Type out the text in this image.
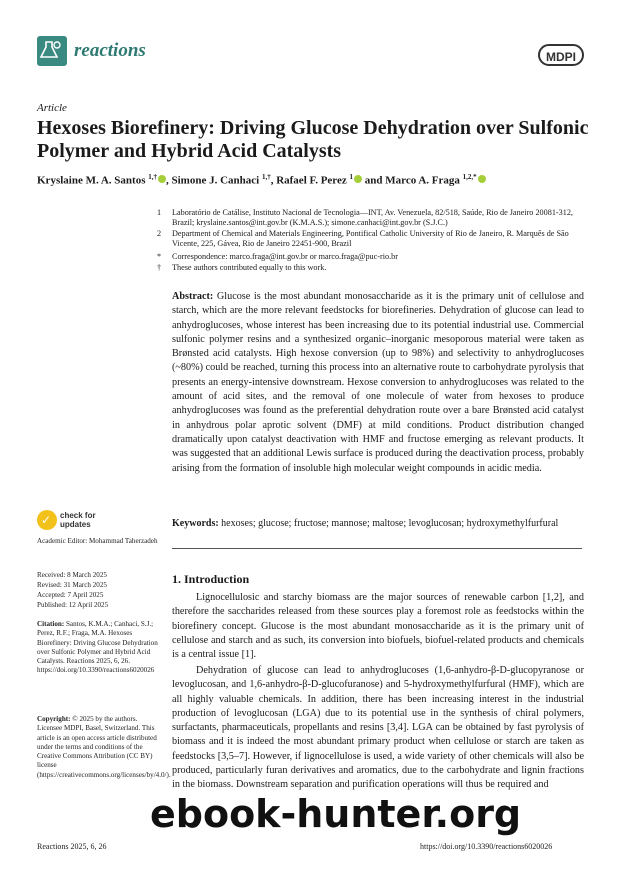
reactions	MDPI
Article
Hexoses Biorefinery: Driving Glucose Dehydration over Sulfonic Polymer and Hybrid Acid Catalysts
Kryslaine M. A. Santos $^{1,\dagger}$ , Simone J. Canhaci $^{1,\dagger}$, Rafael F. Perez $^1$ and Marco A. Fraga $^{1,2,*}$
1 Laboratório de Catálise, Instituto Nacional de Tecnologia—INT, Av. Venezuela, 82/518, Saúde, Rio de Janeiro 20081-312, Brazil; kryslaine.santos@int.gov.br (K.M.A.S.); simone.canhaci@int.gov.br (S.J.C.)
2 Department of Chemical and Materials Engineering, Pontifical Catholic University of Rio de Janeiro, R. Marquês de São Vicente, 225, Gávea, Rio de Janeiro 22451-900, Brazil
* Correspondence: marco.fraga@int.gov.br or marco.fraga@puc-rio.br
† These authors contributed equally to this work.
Abstract: Glucose is the most abundant monosaccharide as it is the primary unit of cellulose and starch, which are the more relevant feedstocks for biorefineries. Dehydration of glucose can lead to anhydroglucoses, whose interest has been increasing due to its potential industrial use. Commercial sulfonic polymer resins and a synthesized organic–inorganic mesoporous material were taken as Brønsted acid catalysts. High hexose conversion (up to 98%) and selectivity to anhydroglucoses (~80%) could be reached, turning this process into an alternative route to carbohydrate pyrolysis that presents an energy-intensive downstream. Hexose conversion to anhydroglucoses was related to the amount of acid sites, and the removal of one molecule of water from hexoses to produce anhydroglucoses was found as the preferential dehydration route over a bare Brønsted acid catalyst in anhydrous polar aprotic solvent (DMF) at mild conditions. Product distribution changed dramatically upon catalyst deactivation with HMF and fructose emerging as relevant products. It was suggested that an additional Lewis surface is produced during the deactivation process, probably arising from the formation of insoluble high molecular weight compounds in acidic media.
Keywords: hexoses; glucose; fructose; mannose; maltose; levoglucosan; hydroxymethylfurfural
1. Introduction
Lignocellulosic and starchy biomass are the major sources of renewable carbon [1,2], and therefore the saccharides released from these sources play a foremost role as feedstocks within the biorefinery concept. Glucose is the most abundant monosaccharide as it is the primary unit of cellulose and starch and as such, its conversion into biofuels, biofuel-related products and chemicals is a central issue [1].
Dehydration of glucose can lead to anhydroglucoses (1,6-anhydro-β-D-glucopyranose or levoglucosan, and 1,6-anhydro-β-D-glucofuranose) and 5-hydroxymethylfurfural (HMF), which are all highly valuable chemicals. In addition, there has been increasing interest in the industrial production of levoglucosan (LGA) due to its potential use in the synthesis of chiral polymers, surfactants, pharmaceuticals, propellants and resins [3,4]. LGA can be obtained by fast pyrolysis of biomass and it is indeed the most abundant primary product when cellulose or starch are taken as feedstocks [3,5–7]. However, if lignocellulose is used, a wide variety of other chemicals will also be produced, particularly furan derivatives and aromatics, due to the carbohydrate and lignin fractions in the biomass. Downstream separation and purification operations will thus be required and
✓ check for updates
Academic Editor: Mohammad Taherzadeh
Received: 8 March 2025
Revised: 31 March 2025
Accepted: 7 April 2025
Published: 12 April 2025
Citation: Santos, K.M.A.; Canhaci, S.J.; Perez, R.F.; Fraga, M.A. Hexoses Biorefinery: Driving Glucose Dehydration over Sulfonic Polymer and Hybrid Acid Catalysts. Reactions 2025, 6, 26. https://doi.org/10.3390/reactions6020026
Copyright: © 2025 by the authors. Licensee MDPI, Basel, Switzerland. This article is an open access article distributed under the terms and conditions of the Creative Commons Attribution (CC BY) license (https://creativecommons.org/licenses/by/4.0/).
Reactions 2025, 6, 26	https://doi.org/10.3390/reactions6020026
ebook-hunter.org
